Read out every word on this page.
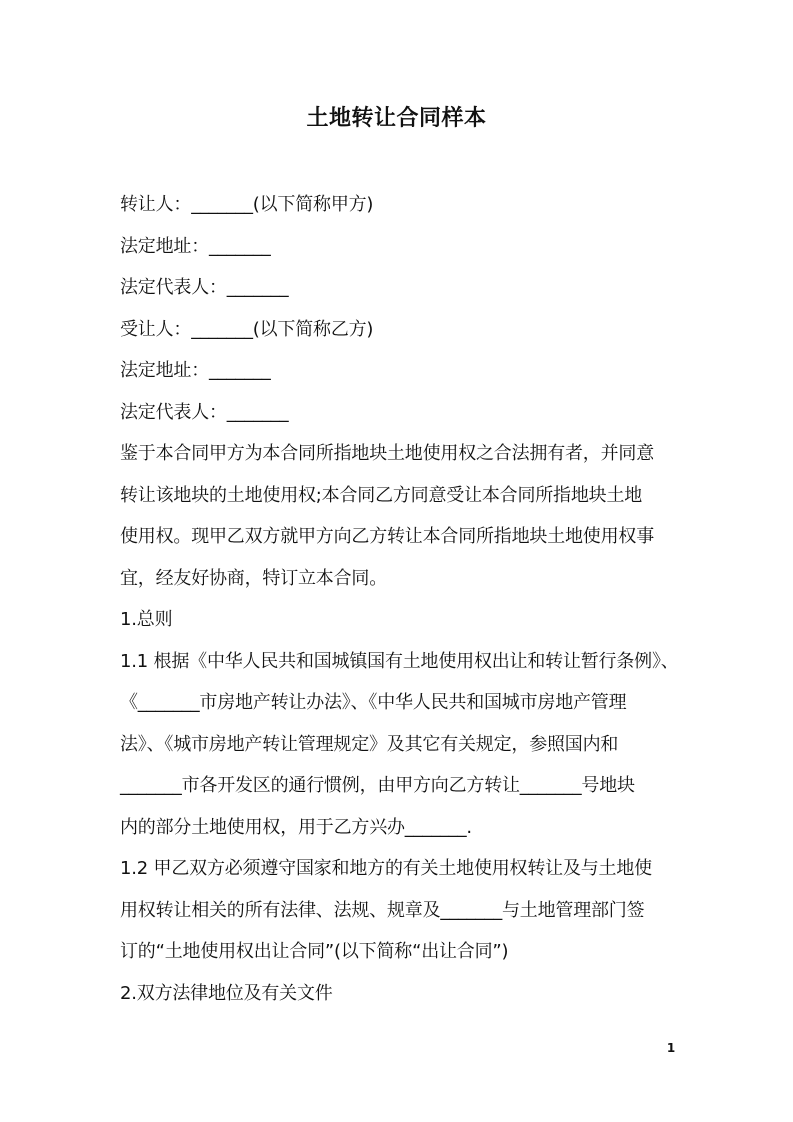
土地转让合同样本
转让人：_______(以下简称甲方)
法定地址：_______
法定代表人：_______
受让人：_______(以下简称乙方)
法定地址：_______
法定代表人：_______
鉴于本合同甲方为本合同所指地块土地使用权之合法拥有者，并同意
转让该地块的土地使用权;本合同乙方同意受让本合同所指地块土地
使用权。现甲乙双方就甲方向乙方转让本合同所指地块土地使用权事
宜，经友好协商，特订立本合同。
1.总则
1.1 根据《中华人民共和国城镇国有土地使用权出让和转让暂行条例》、
《_______市房地产转让办法》、《中华人民共和国城市房地产管理
法》、《城市房地产转让管理规定》及其它有关规定，参照国内和
_______市各开发区的通行惯例，由甲方向乙方转让_______号地块
内的部分土地使用权，用于乙方兴办_______.
1.2 甲乙双方必须遵守国家和地方的有关土地使用权转让及与土地使
用权转让相关的所有法律、法规、规章及_______与土地管理部门签
订的“土地使用权出让合同”(以下简称“出让合同”)
2.双方法律地位及有关文件
1
